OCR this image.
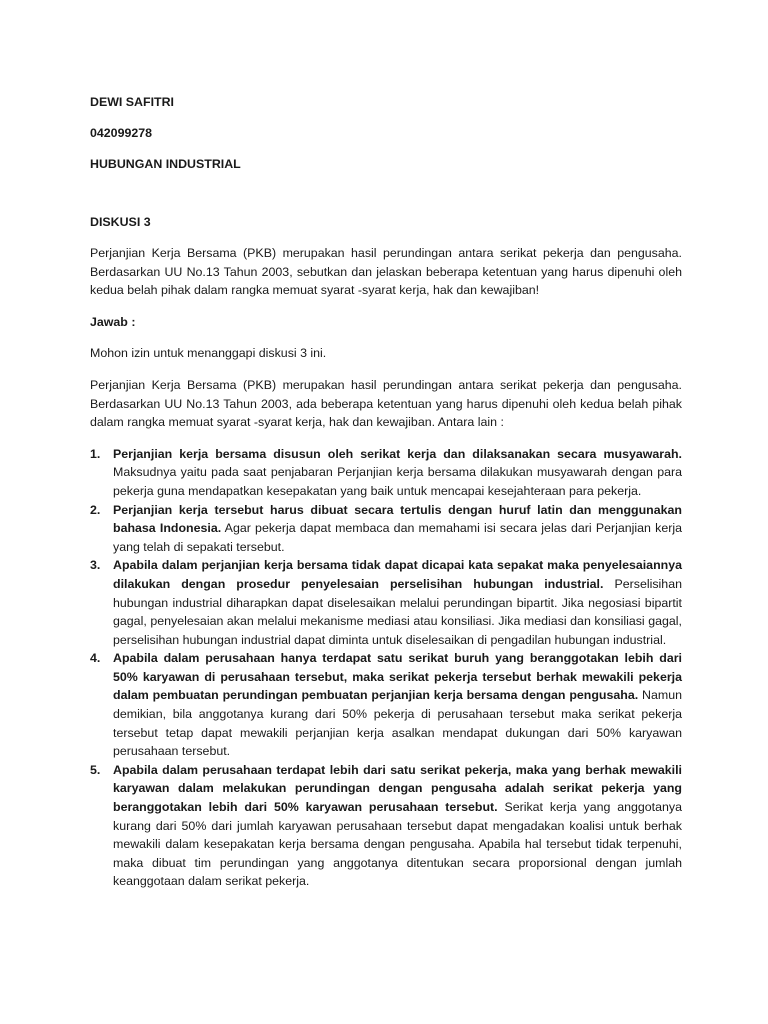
DEWI SAFITRI

042099278

HUBUNGAN INDUSTRIAL

DISKUSI 3

Perjanjian Kerja Bersama (PKB) merupakan hasil perundingan antara serikat pekerja dan pengusaha. Berdasarkan UU No.13 Tahun 2003, sebutkan dan jelaskan beberapa ketentuan yang harus dipenuhi oleh kedua belah pihak dalam rangka memuat syarat -syarat kerja, hak dan kewajiban!

Jawab :

Mohon izin untuk menanggapi diskusi 3 ini.

Perjanjian Kerja Bersama (PKB) merupakan hasil perundingan antara serikat pekerja dan pengusaha. Berdasarkan UU No.13 Tahun 2003, ada beberapa ketentuan yang harus dipenuhi oleh kedua belah pihak dalam rangka memuat syarat -syarat kerja, hak dan kewajiban. Antara lain :

1. Perjanjian kerja bersama disusun oleh serikat kerja dan dilaksanakan secara musyawarah. Maksudnya yaitu pada saat penjabaran Perjanjian kerja bersama dilakukan musyawarah dengan para pekerja guna mendapatkan kesepakatan yang baik untuk mencapai kesejahteraan para pekerja.
2. Perjanjian kerja tersebut harus dibuat secara tertulis dengan huruf latin dan menggunakan bahasa Indonesia. Agar pekerja dapat membaca dan memahami isi secara jelas dari Perjanjian kerja yang telah di sepakati tersebut.
3. Apabila dalam perjanjian kerja bersama tidak dapat dicapai kata sepakat maka penyelesaiannya dilakukan dengan prosedur penyelesaian perselisihan hubungan industrial. Perselisihan hubungan industrial diharapkan dapat diselesaikan melalui perundingan bipartit. Jika negosiasi bipartit gagal, penyelesaian akan melalui mekanisme mediasi atau konsiliasi. Jika mediasi dan konsiliasi gagal, perselisihan hubungan industrial dapat diminta untuk diselesaikan di pengadilan hubungan industrial.
4. Apabila dalam perusahaan hanya terdapat satu serikat buruh yang beranggotakan lebih dari 50% karyawan di perusahaan tersebut, maka serikat pekerja tersebut berhak mewakili pekerja dalam pembuatan perundingan pembuatan perjanjian kerja bersama dengan pengusaha. Namun demikian, bila anggotanya kurang dari 50% pekerja di perusahaan tersebut maka serikat pekerja tersebut tetap dapat mewakili perjanjian kerja asalkan mendapat dukungan dari 50% karyawan perusahaan tersebut.
5. Apabila dalam perusahaan terdapat lebih dari satu serikat pekerja, maka yang berhak mewakili karyawan dalam melakukan perundingan dengan pengusaha adalah serikat pekerja yang beranggotakan lebih dari 50% karyawan perusahaan tersebut. Serikat kerja yang anggotanya kurang dari 50% dari jumlah karyawan perusahaan tersebut dapat mengadakan koalisi untuk berhak mewakili dalam kesepakatan kerja bersama dengan pengusaha. Apabila hal tersebut tidak terpenuhi, maka dibuat tim perundingan yang anggotanya ditentukan secara proporsional dengan jumlah keanggotaan dalam serikat pekerja.
